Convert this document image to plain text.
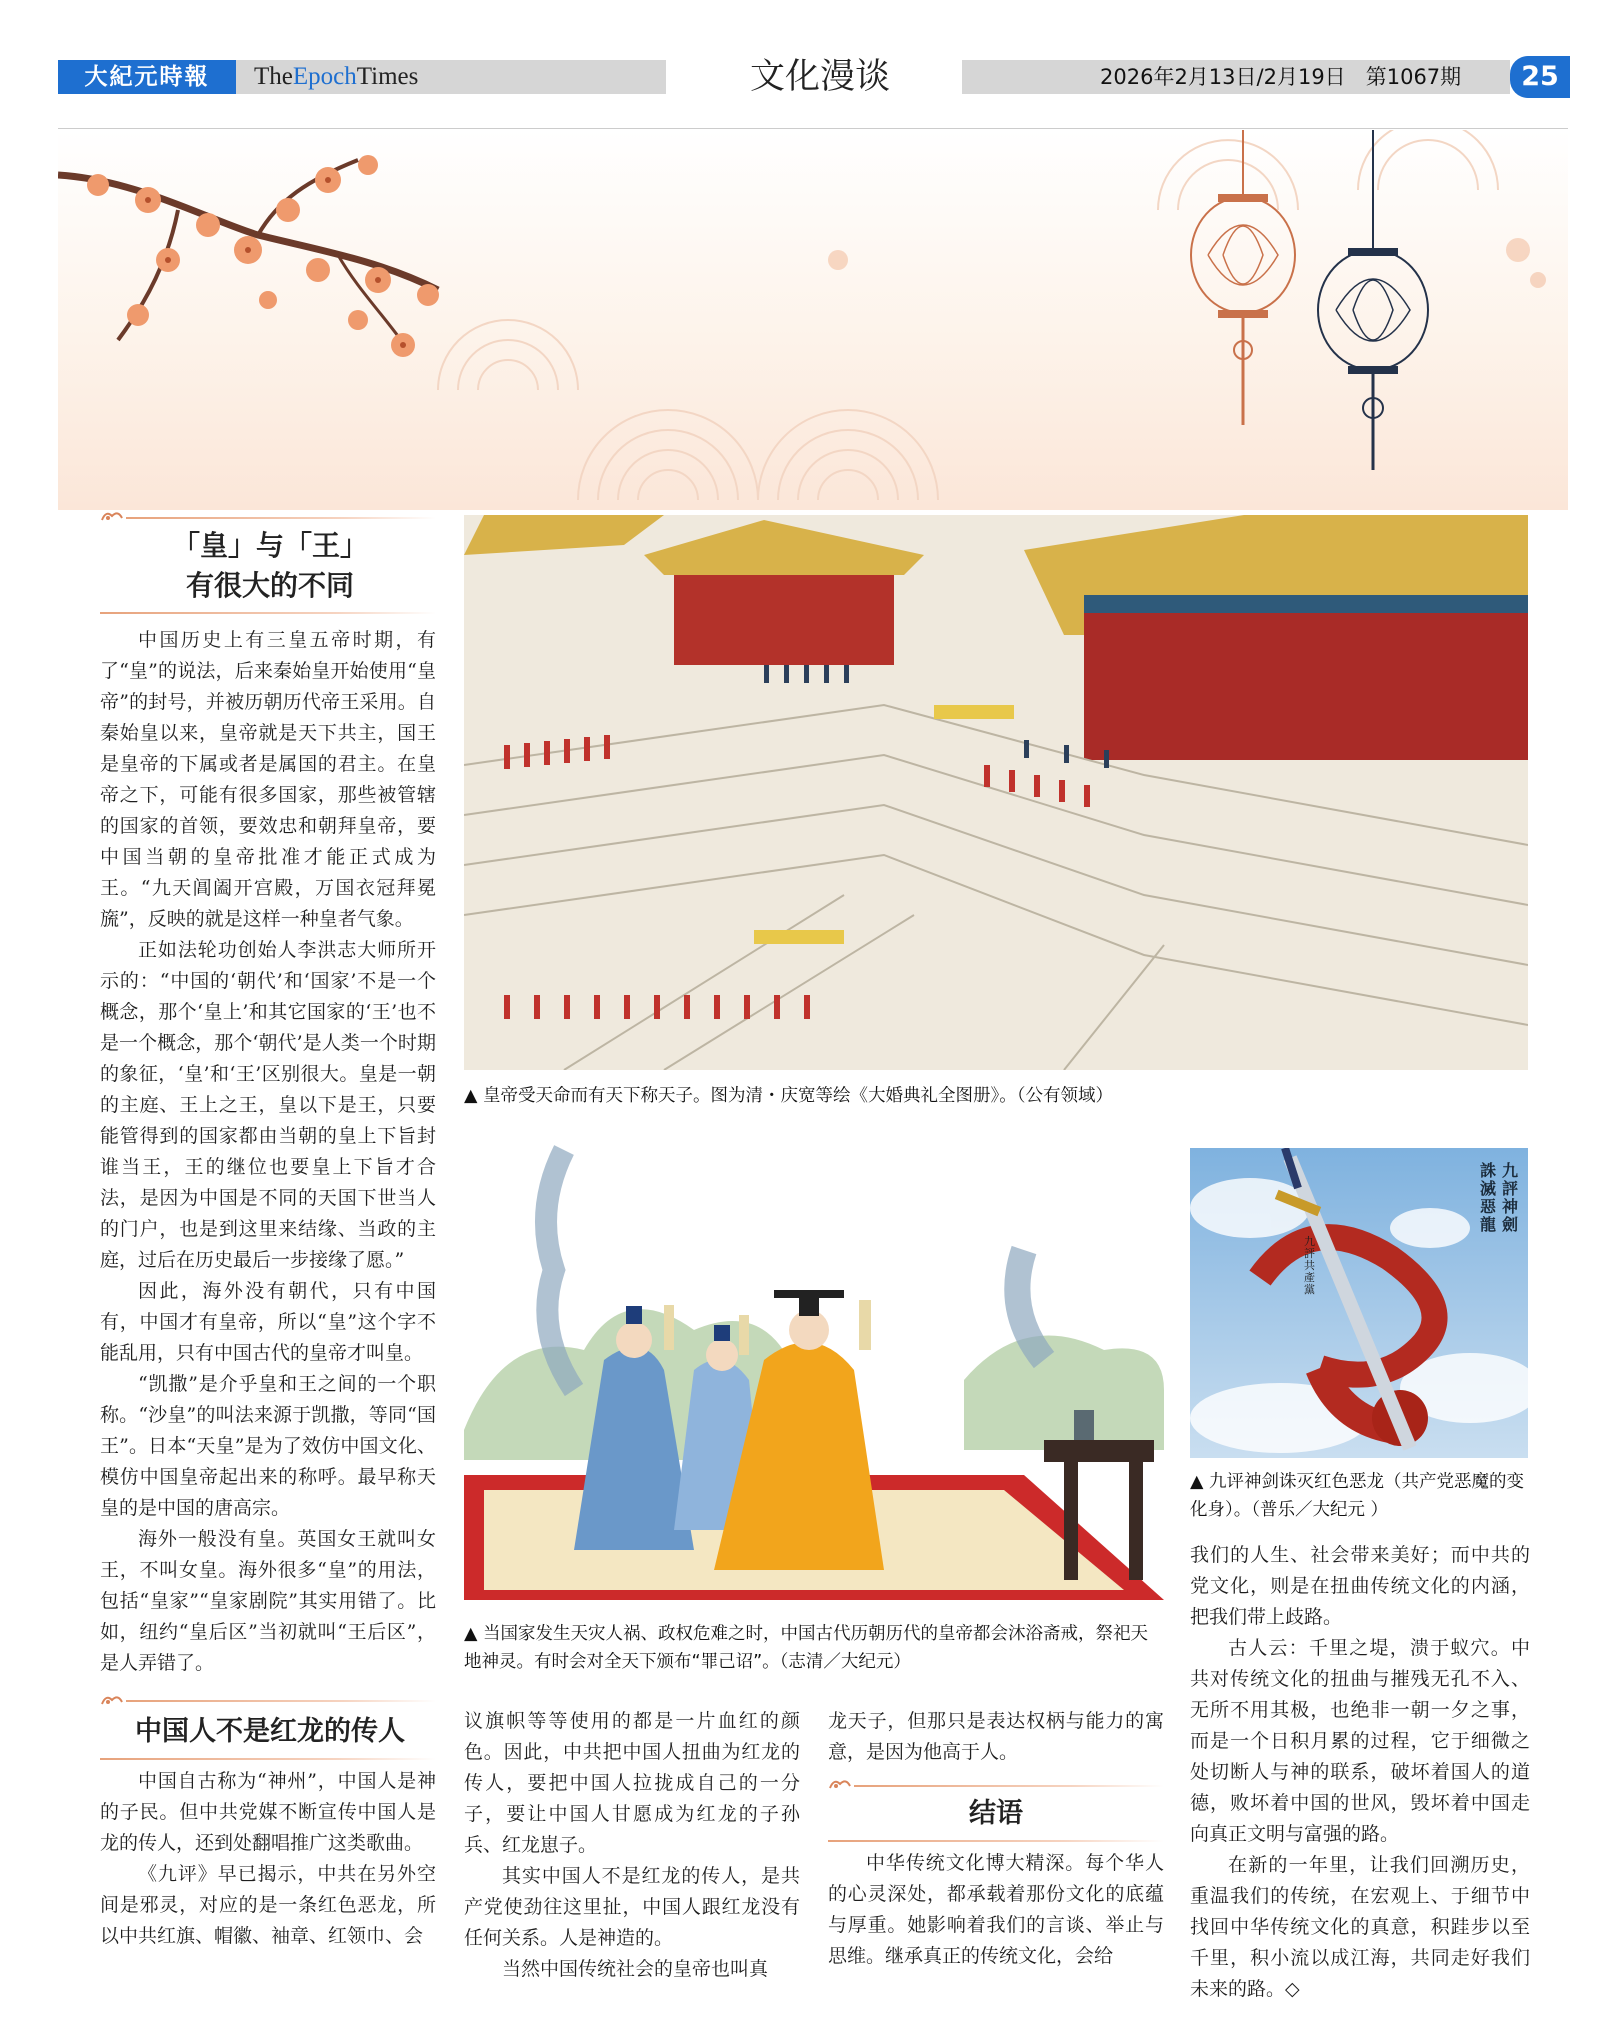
大紀元時報	TheEpochTimes	文化漫谈	2026年2月13日/2月19日 第1067期	25
「皇」与「王」
有很大的不同

中国历史上有三皇五帝时期，有了“皇”的说法，后来秦始皇开始使用“皇帝”的封号，并被历朝历代帝王采用。自秦始皇以来，皇帝就是天下共主，国王是皇帝的下属或者是属国的君主。在皇帝之下，可能有很多国家，那些被管辖的国家的首领，要效忠和朝拜皇帝，要中国当朝的皇帝批准才能正式成为王。“九天阊阖开宫殿，万国衣冠拜冕旒”，反映的就是这样一种皇者气象。

正如法轮功创始人李洪志大师所开示的：“中国的‘朝代’和‘国家’不是一个概念，那个‘皇上’和其它国家的‘王’也不是一个概念，那个‘朝代’是人类一个时期的象征，‘皇’和‘王’区别很大。皇是一朝的主庭、王上之王，皇以下是王，只要能管得到的国家都由当朝的皇上下旨封谁当王，王的继位也要皇上下旨才合法，是因为中国是不同的天国下世当人的门户，也是到这里来结缘、当政的主庭，过后在历史最后一步接缘了愿。”

因此，海外没有朝代，只有中国有，中国才有皇帝，所以“皇”这个字不能乱用，只有中国古代的皇帝才叫皇。

“凯撒”是介乎皇和王之间的一个职称。“沙皇”的叫法来源于凯撒，等同“国王”。日本“天皇”是为了效仿中国文化、模仿中国皇帝起出来的称呼。最早称天皇的是中国的唐高宗。

海外一般没有皇。英国女王就叫女王，不叫女皇。海外很多“皇”的用法，包括“皇家”“皇家剧院”其实用错了。比如，纽约“皇后区”当初就叫“王后区”，是人弄错了。

中国人不是红龙的传人

中国自古称为“神州”，中国人是神的子民。但中共党媒不断宣传中国人是龙的传人，还到处翻唱推广这类歌曲。

《九评》早已揭示，中共在另外空间是邪灵，对应的是一条红色恶龙，所以中共红旗、帽徽、袖章、红领巾、会

▲ 皇帝受天命而有天下称天子。图为清・庆宽等绘《大婚典礼全图册》。（公有领域）
▲ 当国家发生天灾人祸、政权危难之时，中国古代历朝历代的皇帝都会沐浴斋戒，祭祀天地神灵。有时会对全天下颁布“罪己诏”。（志清／大纪元）
九評共產黨
九評神劍
誅滅惡龍
▲ 九评神剑诛灭红色恶龙（共产党恶魔的变化身）。（普乐／大纪元 ）

议旗帜等等使用的都是一片血红的颜色。因此，中共把中国人扭曲为红龙的传人，要把中国人拉拢成自己的一分子，要让中国人甘愿成为红龙的子孙兵、红龙崽子。

其实中国人不是红龙的传人，是共产党使劲往这里扯，中国人跟红龙没有任何关系。人是神造的。

当然中国传统社会的皇帝也叫真

龙天子，但那只是表达权柄与能力的寓意，是因为他高于人。

结语

中华传统文化博大精深。每个华人的心灵深处，都承载着那份文化的底蕴与厚重。她影响着我们的言谈、举止与思维。继承真正的传统文化，会给

我们的人生、社会带来美好；而中共的党文化，则是在扭曲传统文化的内涵，把我们带上歧路。

古人云：千里之堤，溃于蚁穴。中共对传统文化的扭曲与摧残无孔不入、无所不用其极，也绝非一朝一夕之事，而是一个日积月累的过程，它于细微之处切断人与神的联系，破坏着国人的道德，败坏着中国的世风，毁坏着中国走向真正文明与富强的路。

在新的一年里，让我们回溯历史，重温我们的传统，在宏观上、于细节中找回中华传统文化的真意，积跬步以至千里，积小流以成江海，共同走好我们未来的路。◇
